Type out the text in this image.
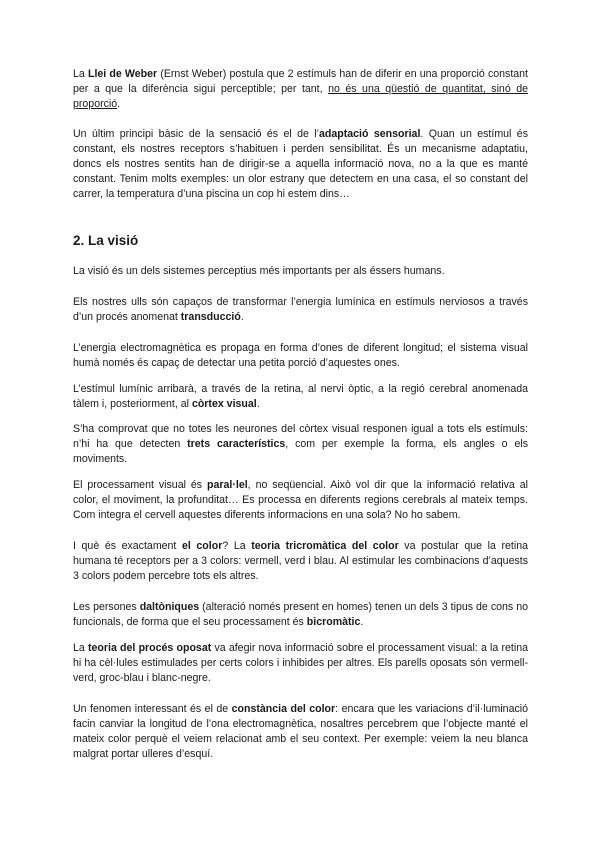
La Llei de Weber (Ernst Weber) postula que 2 estímuls han de diferir en una proporció constant per a que la diferència sigui perceptible; per tant, no és una qüestió de quantitat, sinó de proporció.

Un últim principi bàsic de la sensació és el de l’adaptació sensorial. Quan un estímul és constant, els nostres receptors s’habituen i perden sensibilitat. És un mecanisme adaptatiu, doncs els nostres sentits han de dirigir-se a aquella informació nova, no a la que es manté constant. Tenim molts exemples: un olor estrany que detectem en una casa, el so constant del carrer, la temperatura d’una piscina un cop hi estem dins…

2. La visió

La visió és un dels sistemes perceptius més importants per als éssers humans.

Els nostres ulls són capaços de transformar l’energia lumínica en estímuls nerviosos a través d’un procés anomenat transducció.

L’energia electromagnètica es propaga en forma d’ones de diferent longitud; el sistema visual humà només és capaç de detectar una petita porció d’aquestes ones.

L’estímul lumínic arribarà, a través de la retina, al nervi òptic, a la regió cerebral anomenada tàlem i, posteriorment, al còrtex visual.

S’ha comprovat que no totes les neurones del còrtex visual responen igual a tots els estímuls: n’hi ha que detecten trets característics, com per exemple la forma, els angles o els moviments.

El processament visual és paral·lel, no seqüencial. Això vol dir que la informació relativa al color, el moviment, la profunditat… Es processa en diferents regions cerebrals al mateix temps. Com integra el cervell aquestes diferents informacions en una sola? No ho sabem.

I què és exactament el color? La teoria tricromàtica del color va postular que la retina humana té receptors per a 3 colors: vermell, verd i blau. Al estimular les combinacions d’aquests 3 colors podem percebre tots els altres.

Les persones daltòniques (alteració només present en homes) tenen un dels 3 tipus de cons no funcionals, de forma que el seu processament és bicromàtic.

La teoria del procés oposat va afegir nova informació sobre el processament visual: a la retina hi ha cèl·lules estimulades per certs colors i inhibides per altres. Els parells oposats són vermell-verd, groc-blau i blanc-negre.

Un fenomen interessant és el de constància del color: encara que les variacions d’il·luminació facin canviar la longitud de l’ona electromagnètica, nosaltres percebrem que l’objecte manté el mateix color perquè el veiem relacionat amb el seu context. Per exemple: veiem la neu blanca malgrat portar ulleres d’esquí.
